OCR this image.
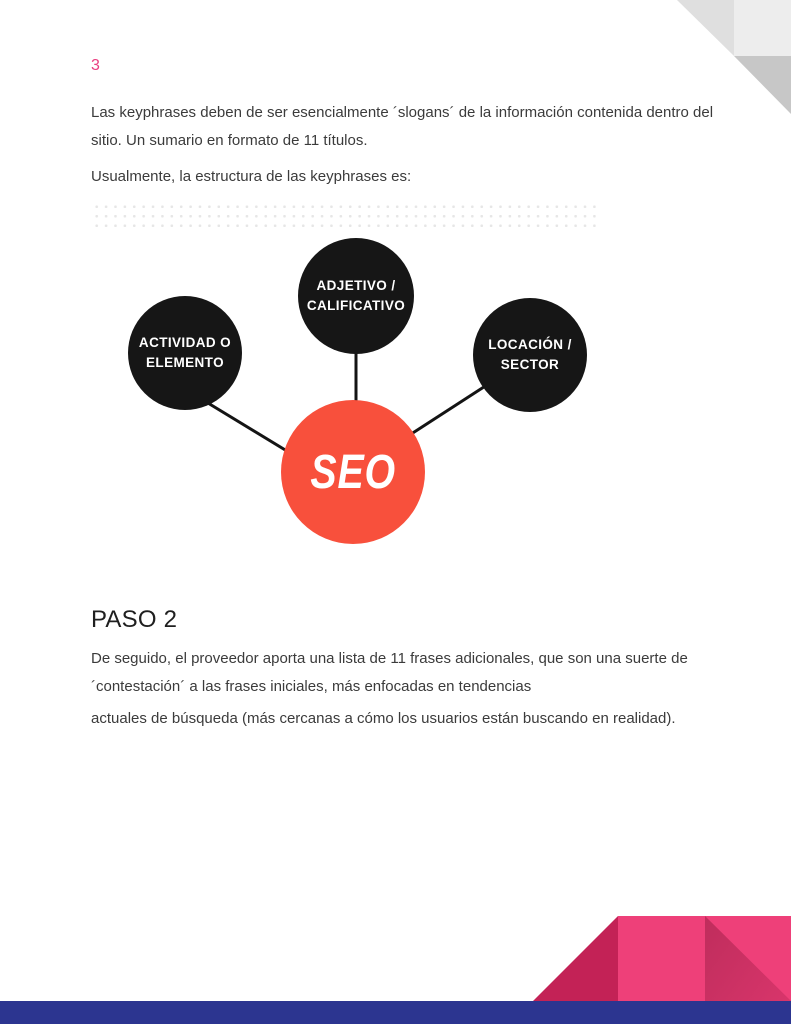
3
Las keyphrases deben de ser esencialmente ´slogans´ de la información contenida dentro del sitio. Un sumario en formato de 11 títulos.
Usualmente, la estructura de las keyphrases es:
ACTIVIDAD O
ELEMENTO
ADJETIVO /
CALIFICATIVO
LOCACIÓN /
SECTOR
SEO
PASO 2
De seguido, el proveedor aporta una lista de 11 frases adicionales, que son una suerte de ´contestación´ a las frases iniciales, más enfocadas en tendencias
actuales de búsqueda (más cercanas a cómo los usuarios están buscando en realidad).
